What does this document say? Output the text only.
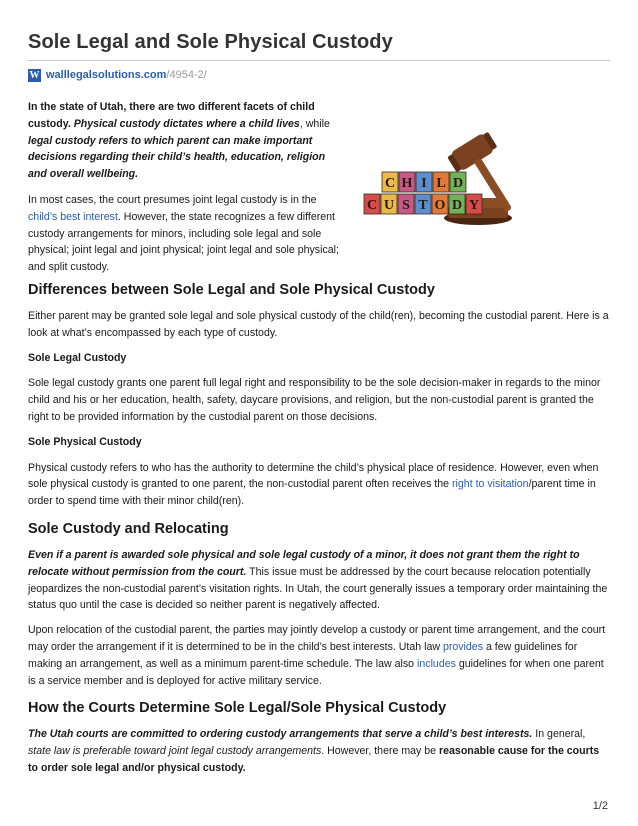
Sole Legal and Sole Physical Custody
W walllegalsolutions.com /4954-2/

In the state of Utah, there are two different facets of child custody. Physical custody dictates where a child lives, while legal custody refers to which parent can make important decisions regarding their child’s health, education, religion and overall wellbeing.

In most cases, the court presumes joint legal custody is in the child’s best interest. However, the state recognizes a few different custody arrangements for minors, including sole legal and sole physical; joint legal and joint physical; joint legal and sole physical; and split custody.

C H I L D
C U S T O D Y
Differences between Sole Legal and Sole Physical Custody

Either parent may be granted sole legal and sole physical custody of the child(ren), becoming the custodial parent. Here is a look at what’s encompassed by each type of custody.

Sole Legal Custody

Sole legal custody grants one parent full legal right and responsibility to be the sole decision-maker in regards to the minor child and his or her education, health, safety, daycare provisions, and religion, but the non-custodial parent is granted the right to be provided information by the custodial parent on those decisions.

Sole Physical Custody

Physical custody refers to who has the authority to determine the child’s physical place of residence. However, even when sole physical custody is granted to one parent, the non-custodial parent often receives the right to visitation/parent time in order to spend time with their minor child(ren).

Sole Custody and Relocating

Even if a parent is awarded sole physical and sole legal custody of a minor, it does not grant them the right to relocate without permission from the court. This issue must be addressed by the court because relocation potentially jeopardizes the non-custodial parent’s visitation rights. In Utah, the court generally issues a temporary order maintaining the status quo until the case is decided so neither parent is negatively affected.

Upon relocation of the custodial parent, the parties may jointly develop a custody or parent time arrangement, and the court may order the arrangement if it is determined to be in the child’s best interests. Utah law provides a few guidelines for making an arrangement, as well as a minimum parent-time schedule. The law also includes guidelines for when one parent is a service member and is deployed for active military service.

How the Courts Determine Sole Legal/Sole Physical Custody

The Utah courts are committed to ordering custody arrangements that serve a child’s best interests. In general, state law is preferable toward joint legal custody arrangements. However, there may be reasonable cause for the courts to order sole legal and/or physical custody.

1/2
